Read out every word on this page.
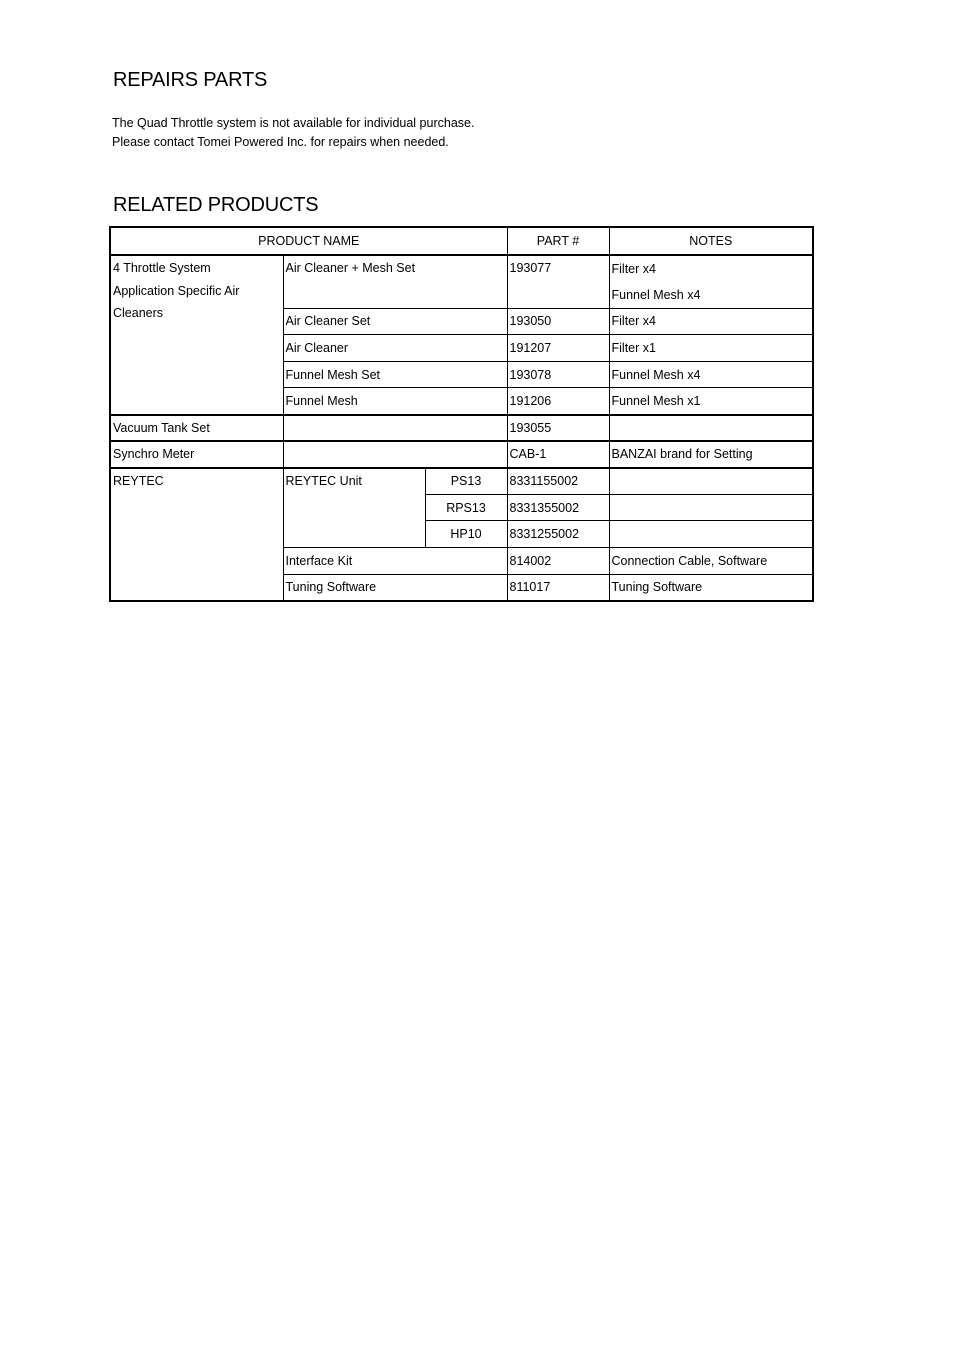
REPAIRS PARTS

The Quad Throttle system is not available for individual purchase.

Please contact Tomei Powered Inc. for repairs when needed.

RELATED PRODUCTS
PRODUCT NAME			PART #	NOTES
4 Throttle System
Application Specific Air
Cleaners	Air Cleaner + Mesh Set		193077	Filter x4
				Funnel Mesh x4
	Air Cleaner Set		193050	Filter x4
	Air Cleaner		191207	Filter x1
	Funnel Mesh Set		193078	Funnel Mesh x4
	Funnel Mesh		191206	Funnel Mesh x1
Vacuum Tank Set			193055	
Synchro Meter			CAB-1	BANZAI brand for Setting
REYTEC	REYTEC Unit	PS13	8331155002	
		RPS13	8331355002	
		HP10	8331255002	
	Interface Kit		814002	Connection Cable, Software
	Tuning Software		811017	Tuning Software
